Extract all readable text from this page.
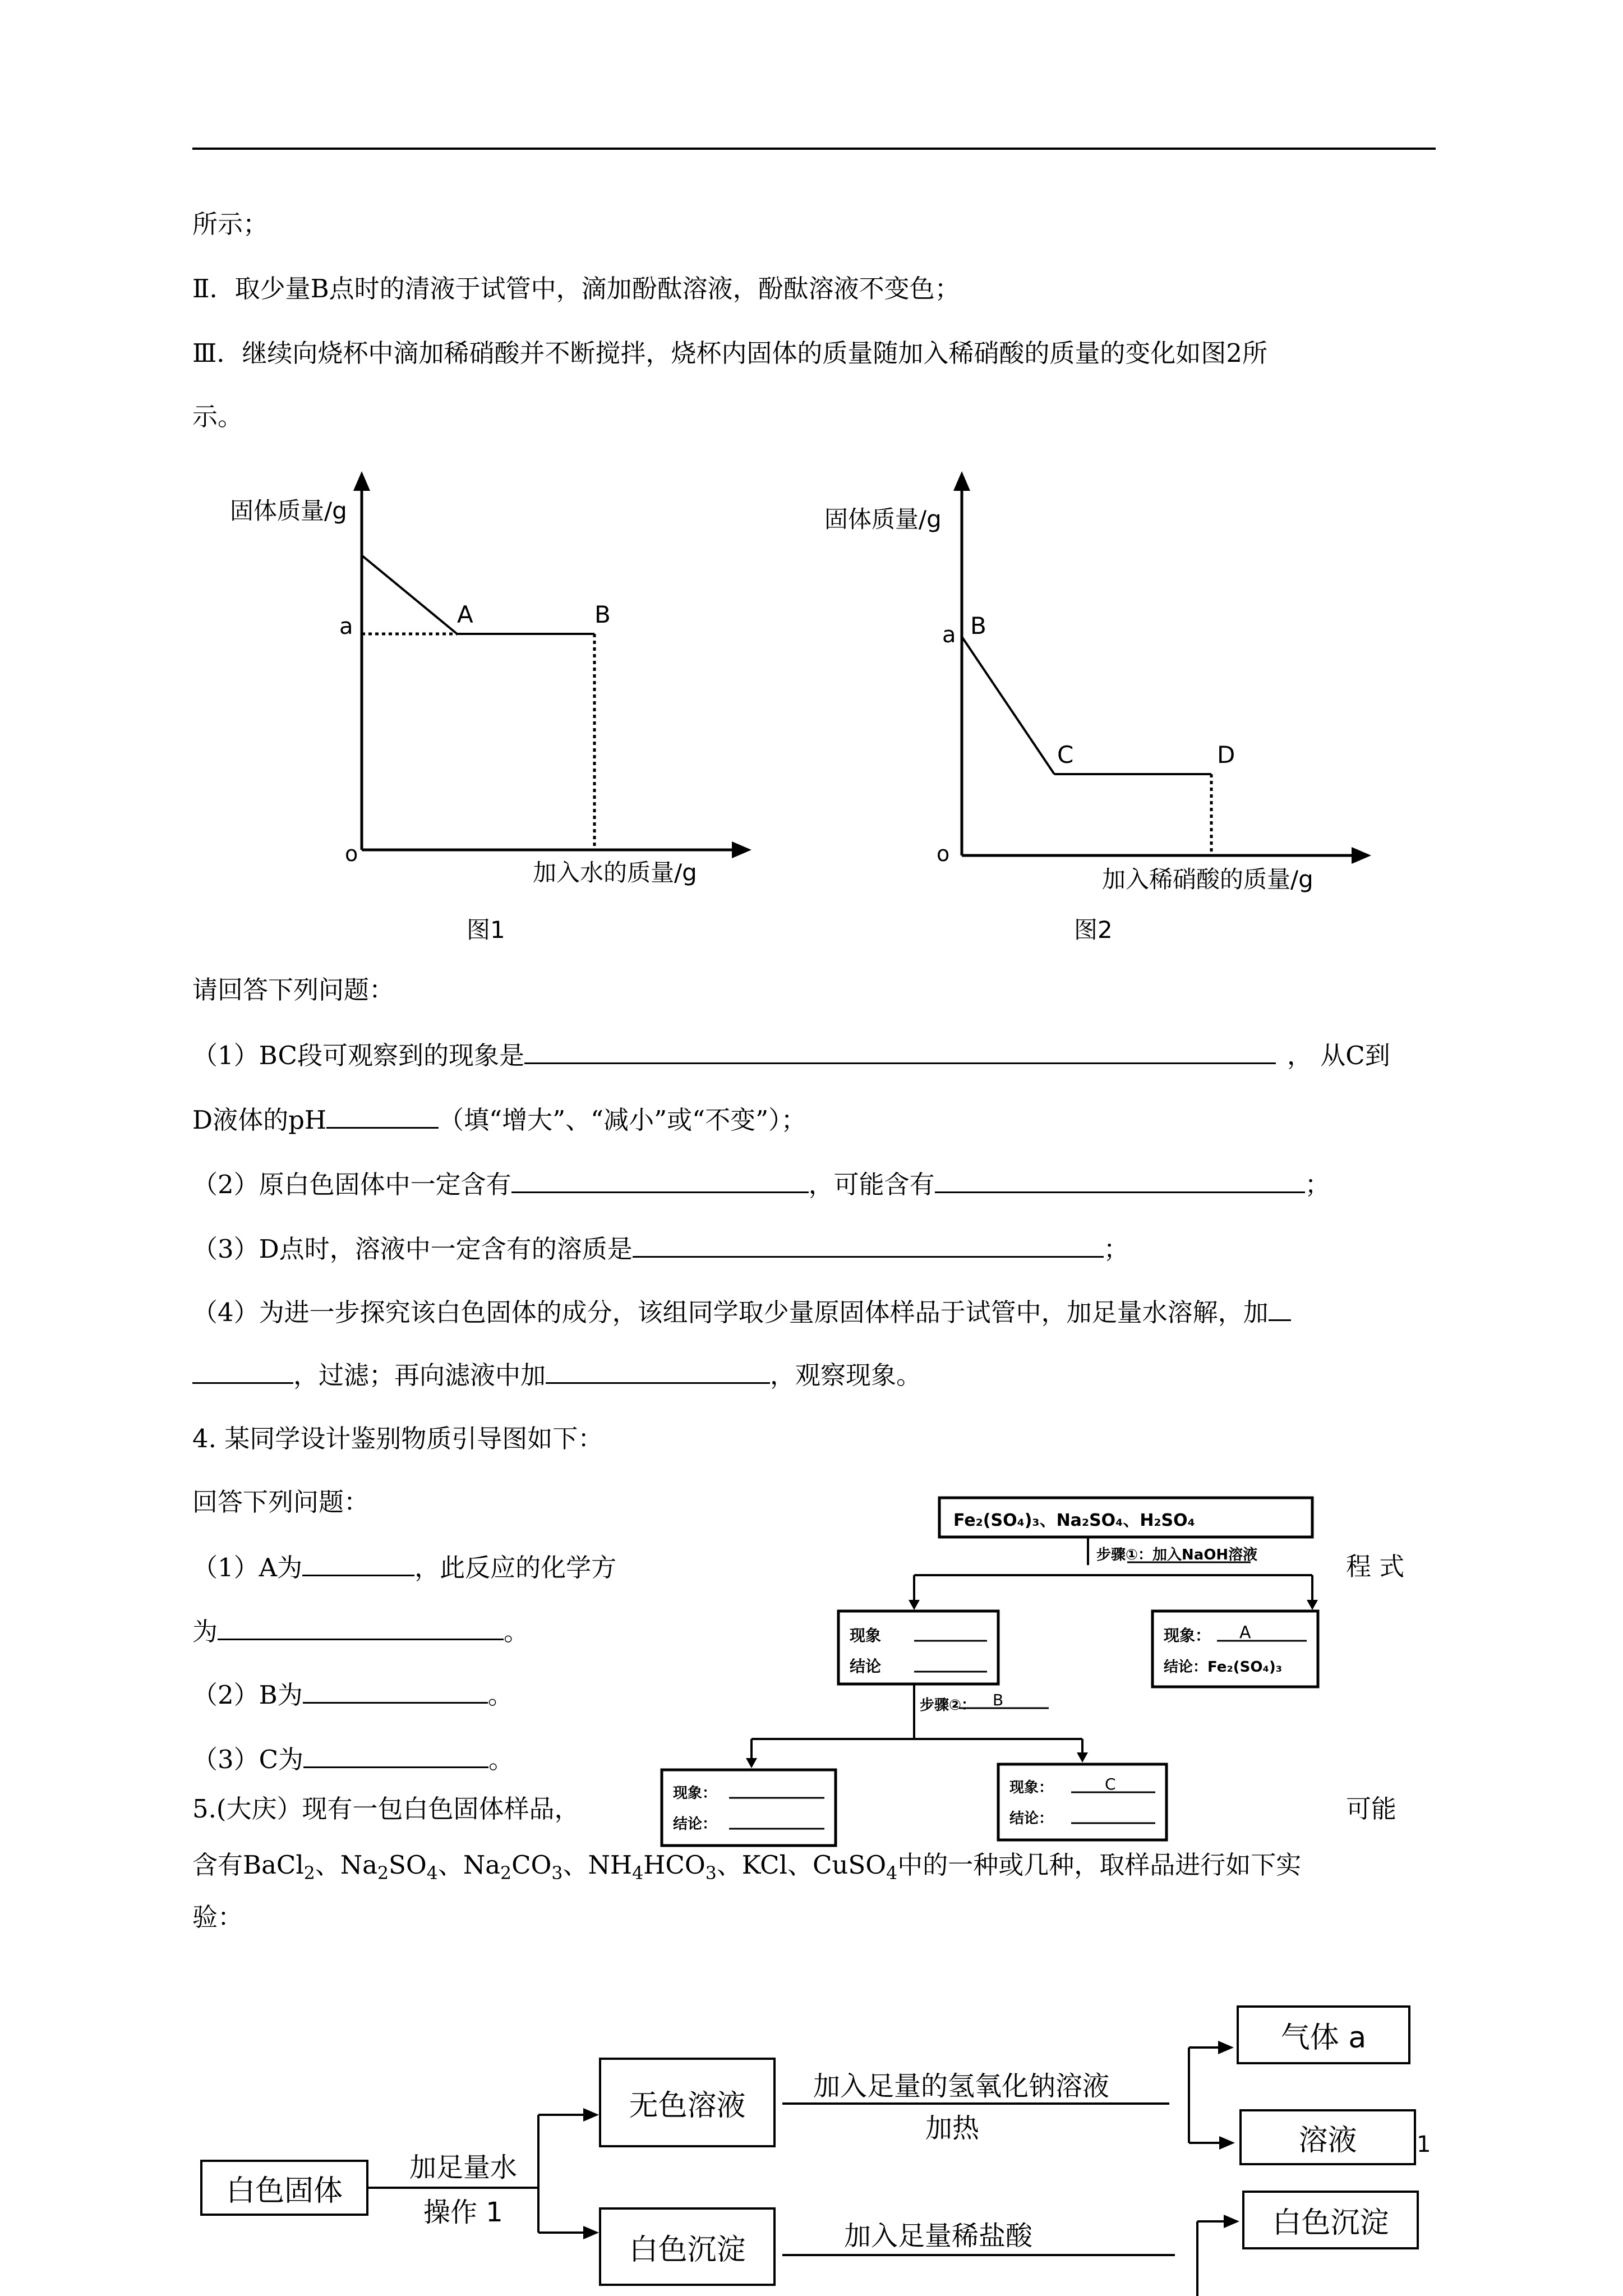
所示；
Ⅱ．取少量B点时的清液于试管中，滴加酚酞溶液，酚酞溶液不变色；
Ⅲ．继续向烧杯中滴加稀硝酸并不断搅拌，烧杯内固体的质量随加入稀硝酸的质量的变化如图2所
示。
固体质量/g
加入水的质量/g
o
a	A	B
图1
固体质量/g
加入稀硝酸的质量/g
o
a B
C	D
图2
请回答下列问题：
（1）BC段可观察到的现象是	， 从C到
D液体的pH	（填“增大”、“减小”或“不变”）；
（2）原白色固体中一定含有	，可能含有	；
（3）D点时，溶液中一定含有的溶质是	；
（4）为进一步探究该白色固体的成分，该组同学取少量原固体样品于试管中，加足量水溶解，加
，过滤；再向滤液中加	，观察现象。
4. 某同学设计鉴别物质引导图如下：
回答下列问题：
（1）A为	，此反应的化学方	程 式
为	。
（2）B为	。
（3）C为	。
Fe₂(SO₄)₃、Na₂SO₄、H₂SO₄
步骤①：加入NaOH溶液
现象
结论
现象： A
结论：Fe₂(SO₄)₃
步骤②： B
现象：
结论：
现象：	C
结论：
5.(大庆）现有一包白色固体样品，	可能
含有BaCl$_2$、$Na_2SO_4$、$Na_2CO_3$、$NH_4HCO_3$、KCl、CuSO$_4$中的一种或几种，取样品进行如下实
验：
白色固体
加足量水
操作 1
无色溶液
加入足量的氢氧化钠溶液
加热
气体 a
溶液
白色沉淀	加入足量稀盐酸	白色沉淀
1
